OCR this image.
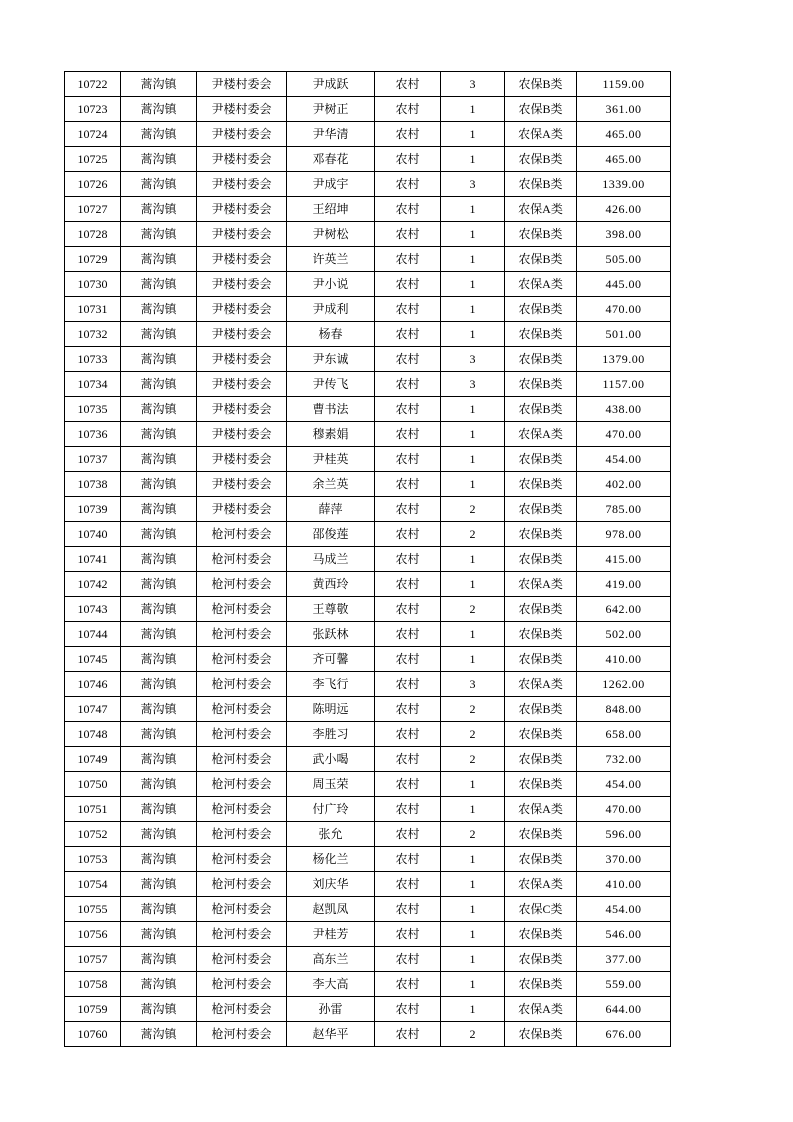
10722	蒿沟镇	尹楼村委会	尹成跃	农村	3	农保B类	1159.00
10723	蒿沟镇	尹楼村委会	尹树正	农村	1	农保B类	361.00
10724	蒿沟镇	尹楼村委会	尹华清	农村	1	农保A类	465.00
10725	蒿沟镇	尹楼村委会	邓春花	农村	1	农保B类	465.00
10726	蒿沟镇	尹楼村委会	尹成宇	农村	3	农保B类	1339.00
10727	蒿沟镇	尹楼村委会	王绍坤	农村	1	农保A类	426.00
10728	蒿沟镇	尹楼村委会	尹树松	农村	1	农保B类	398.00
10729	蒿沟镇	尹楼村委会	许英兰	农村	1	农保B类	505.00
10730	蒿沟镇	尹楼村委会	尹小说	农村	1	农保A类	445.00
10731	蒿沟镇	尹楼村委会	尹成利	农村	1	农保B类	470.00
10732	蒿沟镇	尹楼村委会	杨春	农村	1	农保B类	501.00
10733	蒿沟镇	尹楼村委会	尹东诚	农村	3	农保B类	1379.00
10734	蒿沟镇	尹楼村委会	尹传飞	农村	3	农保B类	1157.00
10735	蒿沟镇	尹楼村委会	曹书法	农村	1	农保B类	438.00
10736	蒿沟镇	尹楼村委会	穆素娟	农村	1	农保A类	470.00
10737	蒿沟镇	尹楼村委会	尹桂英	农村	1	农保B类	454.00
10738	蒿沟镇	尹楼村委会	余兰英	农村	1	农保B类	402.00
10739	蒿沟镇	尹楼村委会	薛萍	农村	2	农保B类	785.00
10740	蒿沟镇	枪河村委会	邵俊莲	农村	2	农保B类	978.00
10741	蒿沟镇	枪河村委会	马成兰	农村	1	农保B类	415.00
10742	蒿沟镇	枪河村委会	黄西玲	农村	1	农保A类	419.00
10743	蒿沟镇	枪河村委会	王尊敬	农村	2	农保B类	642.00
10744	蒿沟镇	枪河村委会	张跃林	农村	1	农保B类	502.00
10745	蒿沟镇	枪河村委会	齐可馨	农村	1	农保B类	410.00
10746	蒿沟镇	枪河村委会	李飞行	农村	3	农保A类	1262.00
10747	蒿沟镇	枪河村委会	陈明远	农村	2	农保B类	848.00
10748	蒿沟镇	枪河村委会	李胜习	农村	2	农保B类	658.00
10749	蒿沟镇	枪河村委会	武小喝	农村	2	农保B类	732.00
10750	蒿沟镇	枪河村委会	周玉荣	农村	1	农保B类	454.00
10751	蒿沟镇	枪河村委会	付广玲	农村	1	农保A类	470.00
10752	蒿沟镇	枪河村委会	张允	农村	2	农保B类	596.00
10753	蒿沟镇	枪河村委会	杨化兰	农村	1	农保B类	370.00
10754	蒿沟镇	枪河村委会	刘庆华	农村	1	农保A类	410.00
10755	蒿沟镇	枪河村委会	赵凯凤	农村	1	农保C类	454.00
10756	蒿沟镇	枪河村委会	尹桂芳	农村	1	农保B类	546.00
10757	蒿沟镇	枪河村委会	高东兰	农村	1	农保B类	377.00
10758	蒿沟镇	枪河村委会	李大高	农村	1	农保B类	559.00
10759	蒿沟镇	枪河村委会	孙雷	农村	1	农保A类	644.00
10760	蒿沟镇	枪河村委会	赵华平	农村	2	农保B类	676.00
